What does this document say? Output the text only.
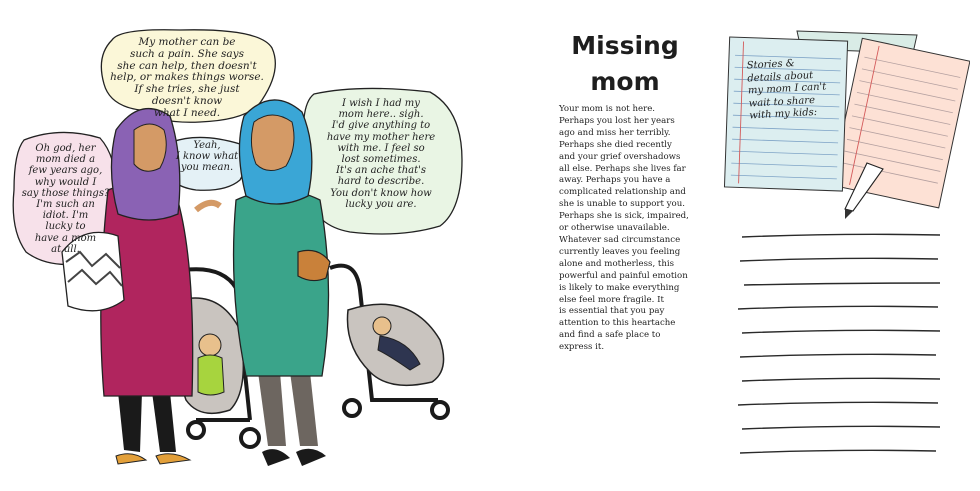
My mother can be
such a pain. She says
she can help, then doesn't
help, or makes things worse.
If she tries, she just
doesn't know
what I need.
Oh god, her
mom died a
few years ago,
why would I
say those things?
I'm such an
idiot. I'm
lucky to
have a mom
at all.
Yeah,
I know what
you mean.
I wish I had my
mom here.. sigh.
I'd give anything to
have my mother here
with me. I feel so
lost sometimes.
It's an ache that's
hard to describe.
You don't know how
lucky you are.
Missing
mom
Your mom is not here.
Perhaps you lost her years
ago and miss her terribly.
Perhaps she died recently
and your grief overshadows
all else. Perhaps she lives far
away. Perhaps you have a
complicated relationship and
she is unable to support you.
Perhaps she is sick, impaired,
or otherwise unavailable.
Whatever sad circumstance
currently leaves you feeling
alone and motherless, this
powerful and painful emotion
is likely to make everything
else feel more fragile. It
is essential that you pay
attention to this heartache
and find a safe place to
express it.
Stories &
details about
my mom I can't
wait to share
with my kids:
